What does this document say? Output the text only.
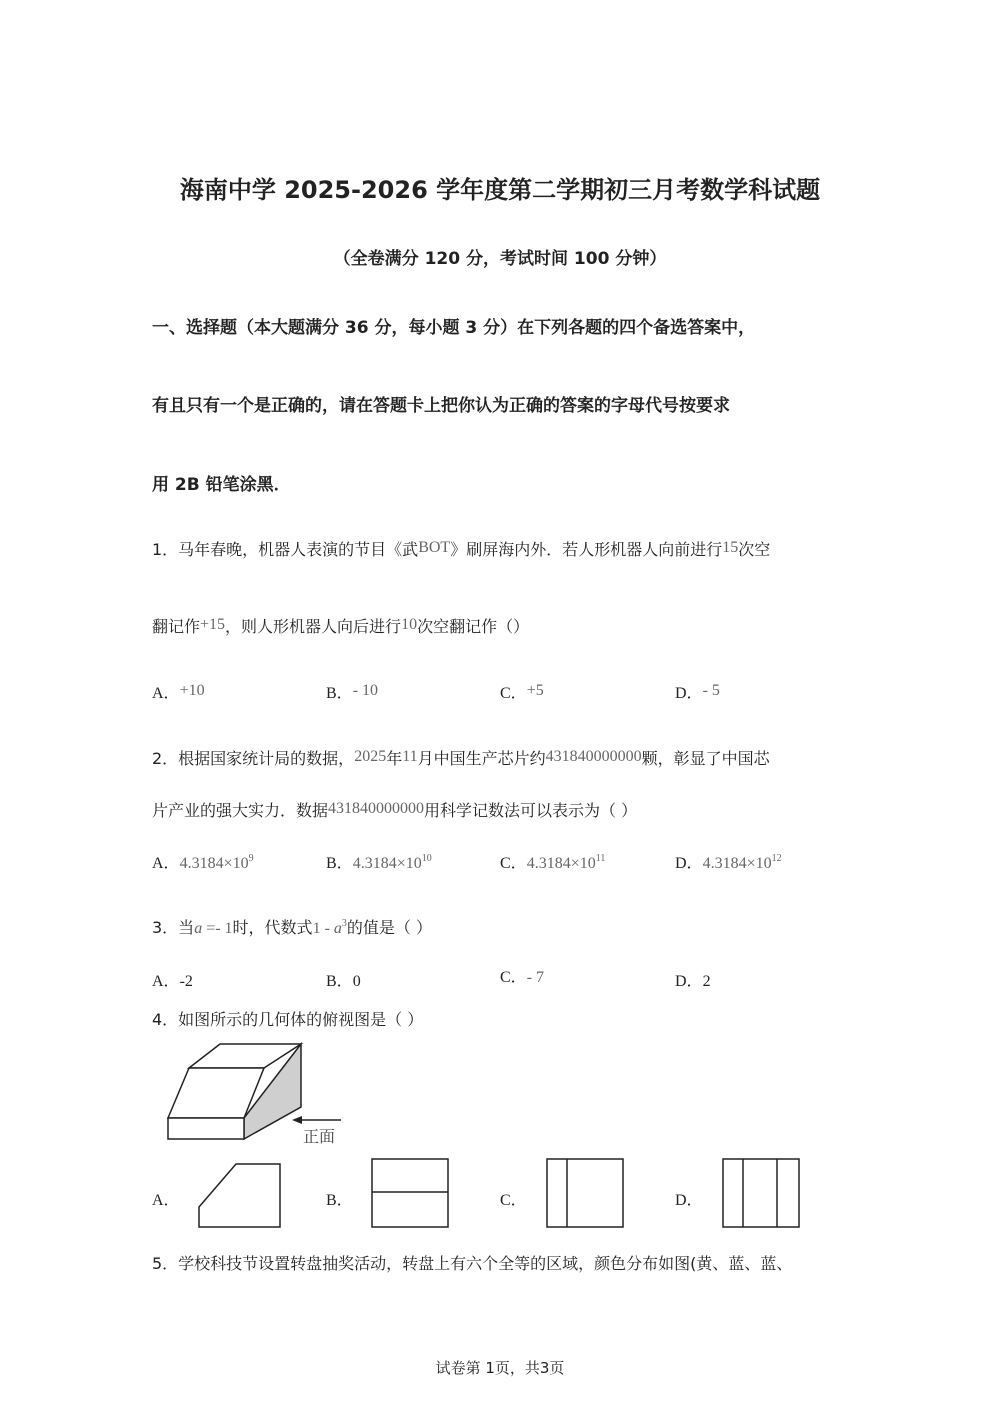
海南中学 2025-2026 学年度第二学期初三月考数学科试题
（全卷满分 120 分，考试时间 100 分钟）
一、选择题（本大题满分 36 分，每小题 3 分）在下列各题的四个备选答案中，
有且只有一个是正确的，请在答题卡上把你认为正确的答案的字母代号按要求
用 2B 铅笔涂黑．
1．马年春晚，机器人表演的节目《武BOT》刷屏海内外．若人形机器人向前进行15次空
翻记作+15，则人形机器人向后进行10次空翻记作（）
A．+10	B．- 10	C．+5	D．- 5
2．根据国家统计局的数据，2025年11月中国生产芯片约431840000000颗，彰显了中国芯
片产业的强大实力．数据431840000000用科学记数法可以表示为（ ）
A．$4.3184\times 10^9$	B．$4.3184\times 10^{10}$	C．$4.3184\times 10^{11}$	D．$4.3184\times 10^{12}$
3．当a =- 1时，代数式$1 - a^3$的值是（ ）
A．-2	B．0	C．- 7	D．2
4．如图所示的几何体的俯视图是（ ）
正面
A．	B．	C．	D．
5．学校科技节设置转盘抽奖活动，转盘上有六个全等的区域，颜色分布如图(黄、蓝、蓝、
试卷第 1页，共3页
